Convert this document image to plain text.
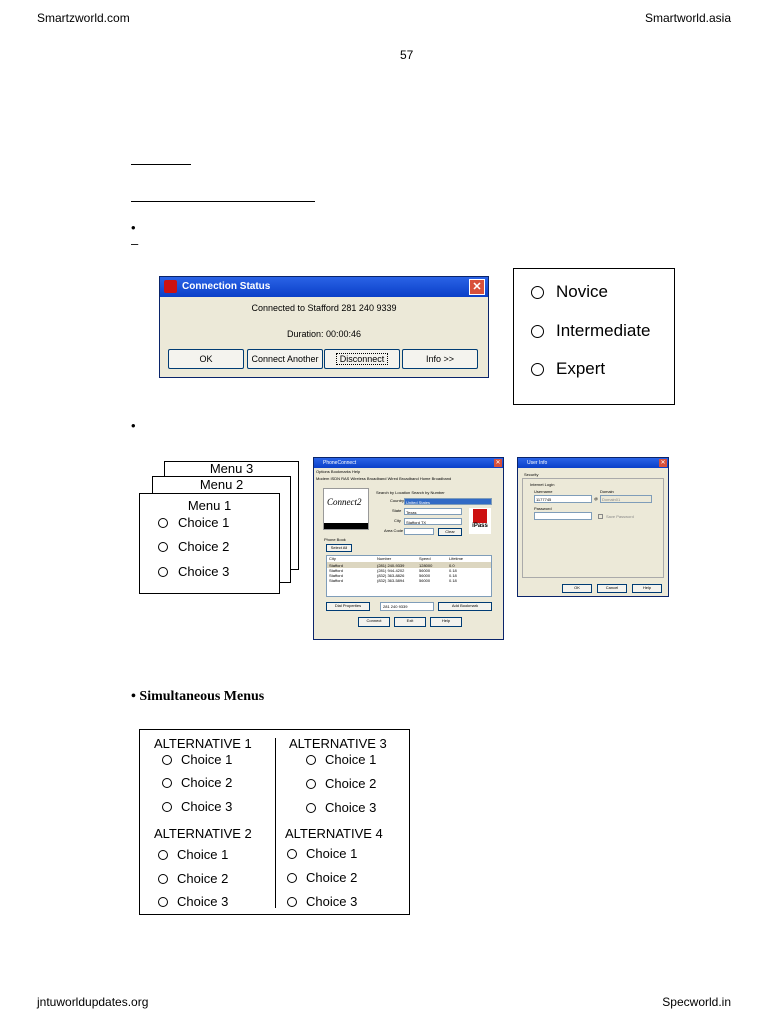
Smartzworld.com	Smartworld.asia
57
jntuworldupdates.org	Specworld.in
•
–
•
Connection Status	✕
Connected to Stafford 281 240 9339
Duration: 00:00:46
OK	Connect Another	Disconnect	Info >>
Novice
Intermediate
Expert
Menu 3
Menu 2
Menu 1
Choice 1
Choice 2
Choice 3
PhoneConnect	✕
Options Bookmarks Help
Modem ISDN RAS Wireless Broadband Wired Broadband Home Broadband
Connect2
Search by Location Search by Number
Country United States
State Texas
City Stafford TX
Area Code	Clear
iPass
Phone Book
Select All
City	Number	Speed	Lifetime
Stafford	(281) 240-9339	128000	0.0
Stafford	(281) 944-4202	56000	0.18
Stafford	(832) 363-8826	56000	0.18
Stafford	(832) 363-5894	56000	0.18
Dial Properties	281 240 9339	Add Bookmark
Connect	Exit	Help
User Info	✕
Security
Internet Login
Username	Domain
1177745	@ Domain01
Password
Save Password
OK	Cancel	Help
• Simultaneous Menus
ALTERNATIVE 1
Choice 1
Choice 2
Choice 3
ALTERNATIVE 3
Choice 1
Choice 2
Choice 3
ALTERNATIVE 2
Choice 1
Choice 2
Choice 3
ALTERNATIVE 4
Choice 1
Choice 2
Choice 3
